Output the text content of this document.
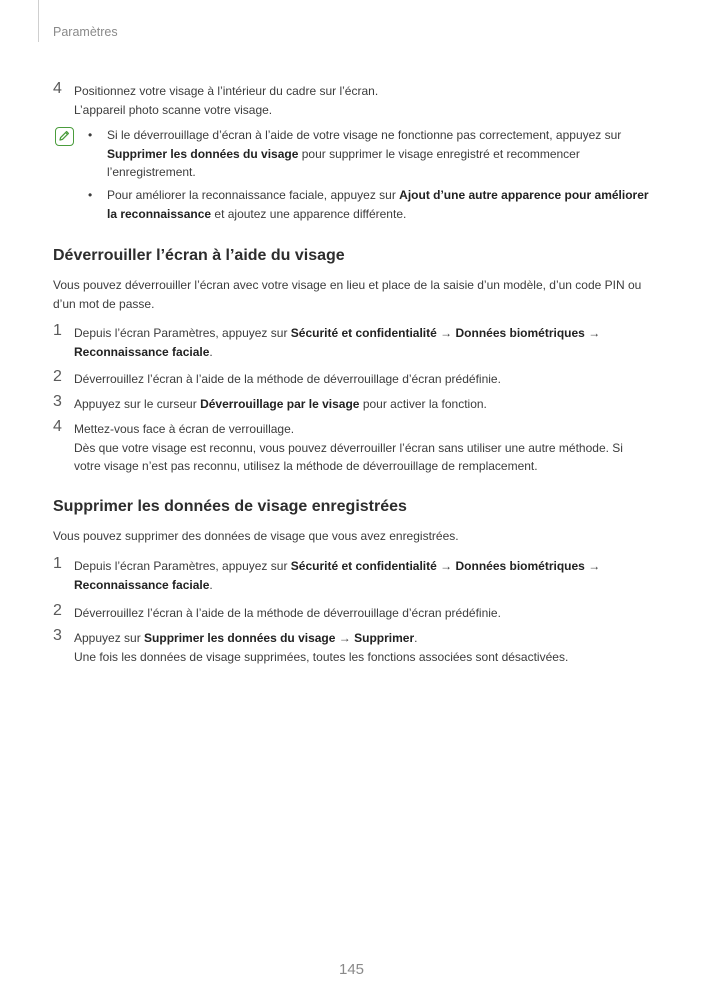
Paramètres
4 Positionnez votre visage à l’intérieur du cadre sur l’écran.
L’appareil photo scanne votre visage.
• Si le déverrouillage d’écran à l’aide de votre visage ne fonctionne pas correctement, appuyez sur Supprimer les données du visage pour supprimer le visage enregistré et recommencer l’enregistrement.
• Pour améliorer la reconnaissance faciale, appuyez sur Ajout d’une autre apparence pour améliorer la reconnaissance et ajoutez une apparence différente.
Déverrouiller l’écran à l’aide du visage
Vous pouvez déverrouiller l’écran avec votre visage en lieu et place de la saisie d’un modèle, d’un code PIN ou d’un mot de passe.
1 Depuis l’écran Paramètres, appuyez sur Sécurité et confidentialité → Données biométriques → Reconnaissance faciale.
2 Déverrouillez l’écran à l’aide de la méthode de déverrouillage d’écran prédéfinie.
3 Appuyez sur le curseur Déverrouillage par le visage pour activer la fonction.
4 Mettez-vous face à écran de verrouillage.
Dès que votre visage est reconnu, vous pouvez déverrouiller l’écran sans utiliser une autre méthode. Si votre visage n’est pas reconnu, utilisez la méthode de déverrouillage de remplacement.
Supprimer les données de visage enregistrées
Vous pouvez supprimer des données de visage que vous avez enregistrées.
1 Depuis l’écran Paramètres, appuyez sur Sécurité et confidentialité → Données biométriques → Reconnaissance faciale.
2 Déverrouillez l’écran à l’aide de la méthode de déverrouillage d’écran prédéfinie.
3 Appuyez sur Supprimer les données du visage → Supprimer.
Une fois les données de visage supprimées, toutes les fonctions associées sont désactivées.
145
